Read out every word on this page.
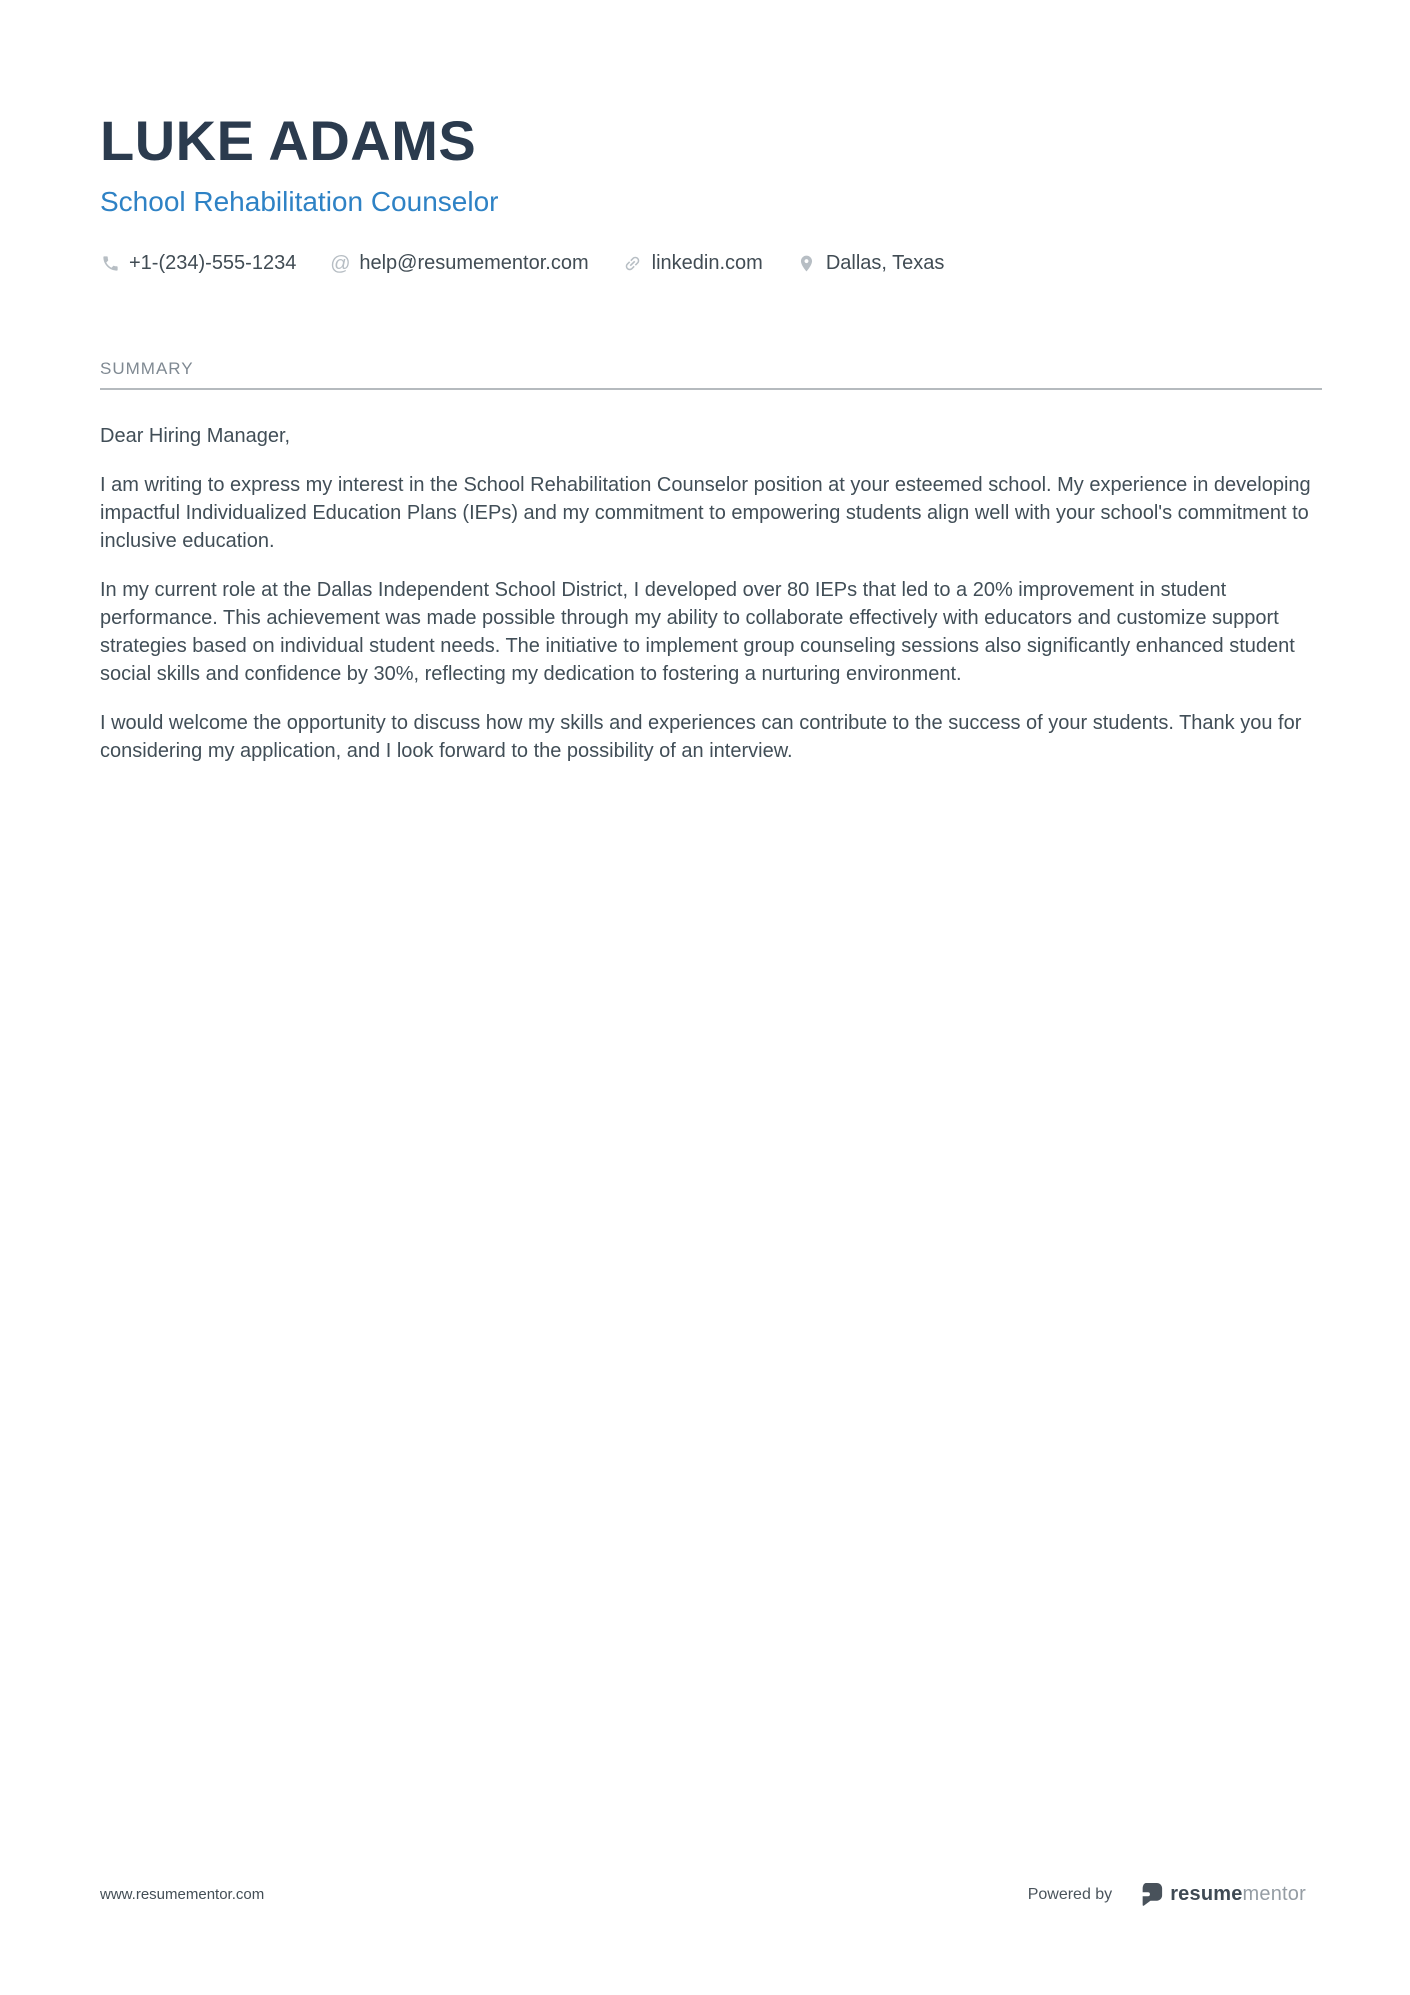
LUKE ADAMS
School Rehabilitation Counselor
+1-(234)-555-1234 @ help@resumementor.com	linkedin.com	Dallas, Texas
SUMMARY

Dear Hiring Manager,

I am writing to express my interest in the School Rehabilitation Counselor position at your esteemed school. My experience in developing impactful Individualized Education Plans (IEPs) and my commitment to empowering students align well with your school's commitment to inclusive education.

In my current role at the Dallas Independent School District, I developed over 80 IEPs that led to a 20% improvement in student performance. This achievement was made possible through my ability to collaborate effectively with educators and customize support strategies based on individual student needs. The initiative to implement group counseling sessions also significantly enhanced student social skills and confidence by 30%, reflecting my dedication to fostering a nurturing environment.

I would welcome the opportunity to discuss how my skills and experiences can contribute to the success of your students. Thank you for considering my application, and I look forward to the possibility of an interview.

www.resumementor.com	Powered by	resumementor
